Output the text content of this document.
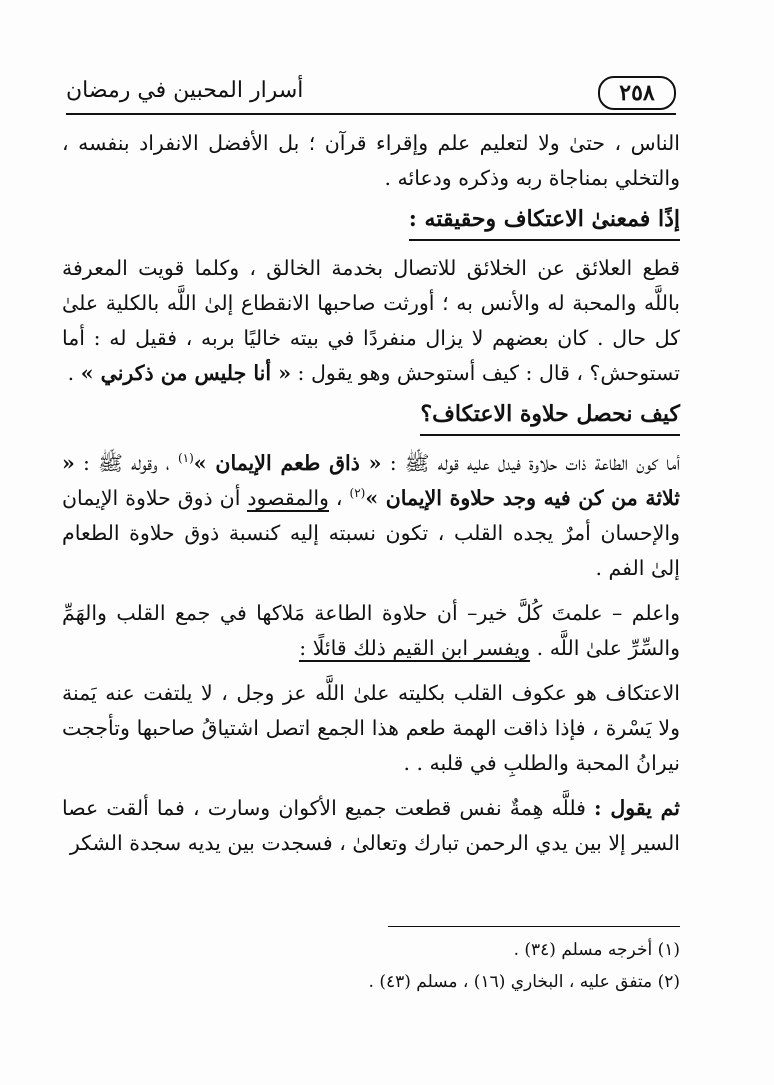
٢٥٨
أسرار المحبين في رمضان

الناس ، حتىٰ ولا لتعليم علم وإقراء قرآن ؛ بل الأفضل الانفراد بنفسه ، والتخلي بمناجاة ربه وذكره ودعائه .

إذًا فمعنىٰ الاعتكاف وحقيقته :

قطع العلائق عن الخلائق للاتصال بخدمة الخالق ، وكلما قويت المعرفة باللَّه والمحبة له والأنس به ؛ أورثت صاحبها الانقطاع إلىٰ اللَّه بالكلية علىٰ كل حال . كان بعضهم لا يزال منفردًا في بيته خاليًا بربه ، فقيل له : أما تستوحش؟ ، قال : كيف أستوحش وهو يقول : « أنا جليس من ذكرني » .

كيف نحصل حلاوة الاعتكاف؟

أما كون الطاعة ذات حلاوة فيدل عليه قوله ﷺ : « ذاق طعم الإيمان »$^{(١)}$ ، وقوله ﷺ : « ثلاثة من كن فيه وجد حلاوة الإيمان »$^{(٢)}$ ، والمقصود أن ذوق حلاوة الإيمان والإحسان أمرٌ يجده القلب ، تكون نسبته إليه كنسبة ذوق حلاوة الطعام إلىٰ الفم .

واعلم – علمتَ كُلَّ خير– أن حلاوة الطاعة مَلاكها في جمع القلب والهَمِّ والسِّرِّ علىٰ اللَّه . ويفسر ابن القيم ذلك قائلًا :

الاعتكاف هو عكوف القلب بكليته علىٰ اللَّه عز وجل ، لا يلتفت عنه يَمنة ولا يَسْرة ، فإذا ذاقت الهمة طعم هذا الجمع اتصل اشتياقُ صاحبها وتأججت نيرانُ المحبة والطلبِ في قلبه . .

ثم يقول : فللَّه هِمةٌ نفس قطعت جميع الأكوان وسارت ، فما ألقت عصا السير إلا بين يدي الرحمن تبارك وتعالىٰ ، فسجدت بين يديه سجدة الشكر

(١) أخرجه مسلم (٣٤) .

(٢) متفق عليه ، البخاري (١٦) ، مسلم (٤٣) .
